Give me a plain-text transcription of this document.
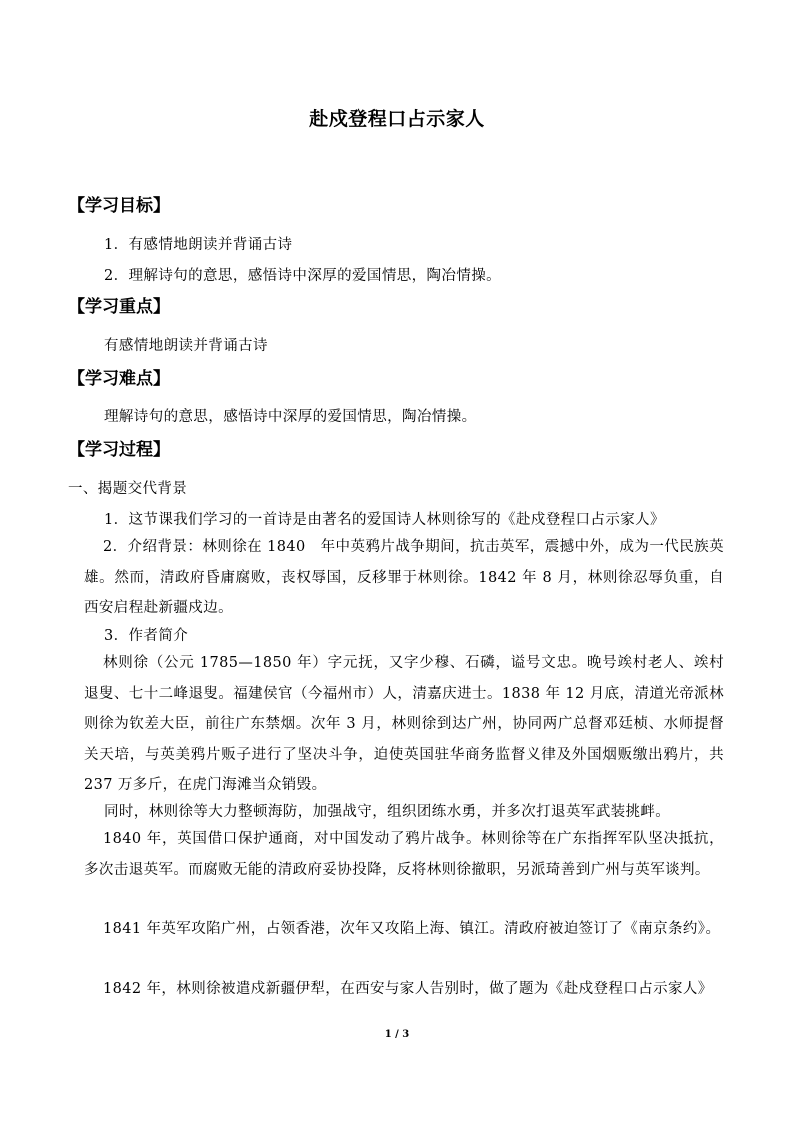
赴戍登程口占示家人
【学习目标】
1．有感情地朗读并背诵古诗
2．理解诗句的意思，感悟诗中深厚的爱国情思，陶冶情操。
【学习重点】
有感情地朗读并背诵古诗
【学习难点】
理解诗句的意思，感悟诗中深厚的爱国情思，陶冶情操。
【学习过程】
一、揭题交代背景
1．这节课我们学习的一首诗是由著名的爱国诗人林则徐写的《赴戍登程口占示家人》
2．介绍背景：林则徐在 1840　年中英鸦片战争期间，抗击英军，震撼中外，成为一代民族英雄。然而，清政府昏庸腐败，丧权辱国，反移罪于林则徐。1842 年 8 月，林则徐忍辱负重，自西安启程赴新疆戍边。
3．作者简介
林则徐（公元 1785—1850 年）字元抚，又字少穆、石磷，谥号文忠。晚号竢村老人、竢村退叟、七十二峰退叟。福建侯官（今福州市）人，清嘉庆进士。1838 年 12 月底，清道光帝派林则徐为钦差大臣，前往广东禁烟。次年 3 月，林则徐到达广州，协同两广总督邓廷桢、水师提督关天培，与英美鸦片贩子进行了坚决斗争，迫使英国驻华商务监督义律及外国烟贩缴出鸦片，共 237 万多斤，在虎门海滩当众销毁。
同时，林则徐等大力整顿海防，加强战守，组织团练水勇，并多次打退英军武装挑衅。
1840 年，英国借口保护通商，对中国发动了鸦片战争。林则徐等在广东指挥军队坚决抵抗，多次击退英军。而腐败无能的清政府妥协投降，反将林则徐撤职，另派琦善到广州与英军谈判。
1841 年英军攻陷广州，占领香港，次年又攻陷上海、镇江。清政府被迫签订了《南京条约》。
1842 年，林则徐被遣戍新疆伊犁，在西安与家人告别时，做了题为《赴戍登程口占示家人》
1 / 3
